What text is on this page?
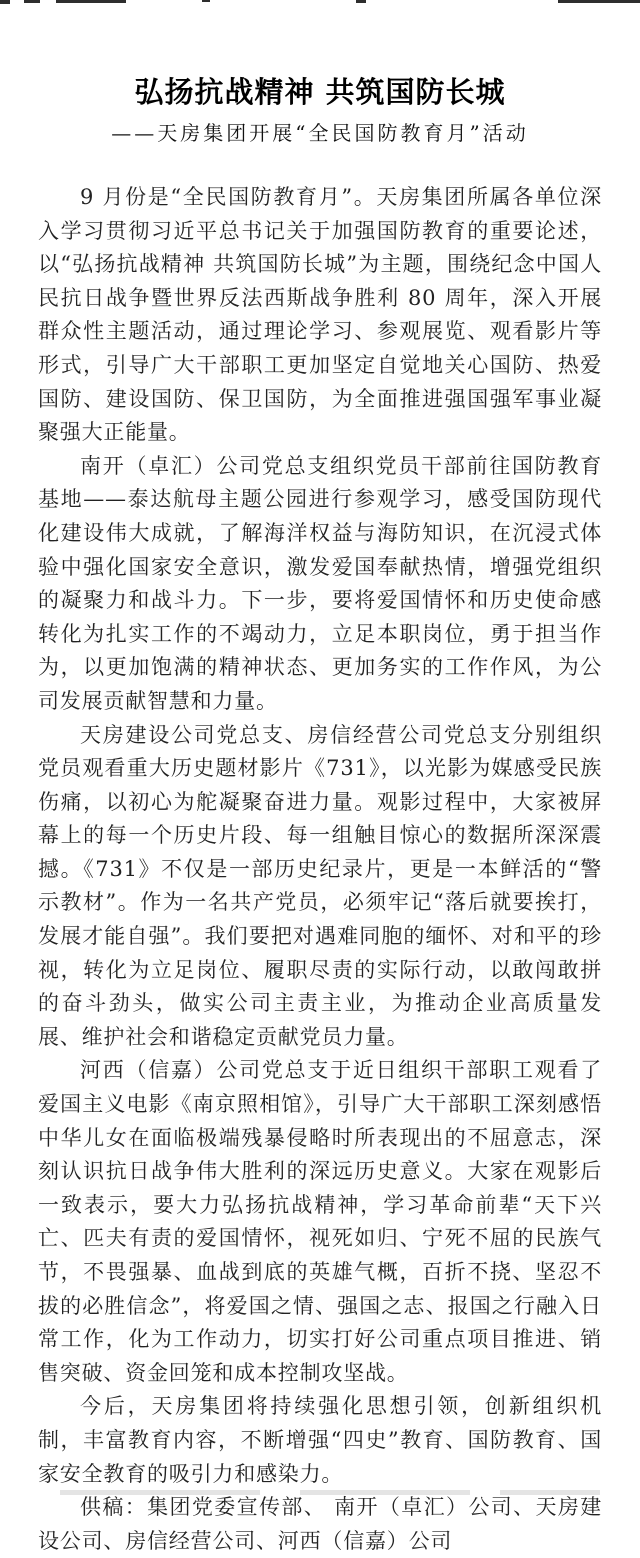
弘扬抗战精神 共筑国防长城
——天房集团开展“全民国防教育月”活动

9 月份是“全民国防教育月”。天房集团所属各单位深入学习贯彻习近平总书记关于加强国防教育的重要论述，以“弘扬抗战精神 共筑国防长城”为主题，围绕纪念中国人民抗日战争暨世界反法西斯战争胜利 80 周年，深入开展群众性主题活动，通过理论学习、参观展览、观看影片等形式，引导广大干部职工更加坚定自觉地关心国防、热爱国防、建设国防、保卫国防，为全面推进强国强军事业凝聚强大正能量。

南开（卓汇）公司党总支组织党员干部前往国防教育基地——泰达航母主题公园进行参观学习，感受国防现代化建设伟大成就，了解海洋权益与海防知识，在沉浸式体验中强化国家安全意识，激发爱国奉献热情，增强党组织的凝聚力和战斗力。下一步，要将爱国情怀和历史使命感转化为扎实工作的不竭动力，立足本职岗位，勇于担当作为，以更加饱满的精神状态、更加务实的工作作风，为公司发展贡献智慧和力量。

天房建设公司党总支、房信经营公司党总支分别组织党员观看重大历史题材影片《731》，以光影为媒感受民族伤痛，以初心为舵凝聚奋进力量。观影过程中，大家被屏幕上的每一个历史片段、每一组触目惊心的数据所深深震撼。《731》不仅是一部历史纪录片，更是一本鲜活的“警示教材”。作为一名共产党员，必须牢记“落后就要挨打，发展才能自强”。我们要把对遇难同胞的缅怀、对和平的珍视，转化为立足岗位、履职尽责的实际行动，以敢闯敢拼的奋斗劲头，做实公司主责主业，为推动企业高质量发展、维护社会和谐稳定贡献党员力量。

河西（信嘉）公司党总支于近日组织干部职工观看了爱国主义电影《南京照相馆》，引导广大干部职工深刻感悟中华儿女在面临极端残暴侵略时所表现出的不屈意志，深刻认识抗日战争伟大胜利的深远历史意义。大家在观影后一致表示，要大力弘扬抗战精神，学习革命前辈“天下兴亡、匹夫有责的爱国情怀，视死如归、宁死不屈的民族气节，不畏强暴、血战到底的英雄气概，百折不挠、坚忍不拔的必胜信念”，将爱国之情、强国之志、报国之行融入日常工作，化为工作动力，切实打好公司重点项目推进、销售突破、资金回笼和成本控制攻坚战。

今后，天房集团将持续强化思想引领，创新组织机制，丰富教育内容，不断增强“四史”教育、国防教育、国家安全教育的吸引力和感染力。

供稿：集团党委宣传部、 南开（卓汇）公司、天房建设公司、房信经营公司、河西（信嘉）公司
